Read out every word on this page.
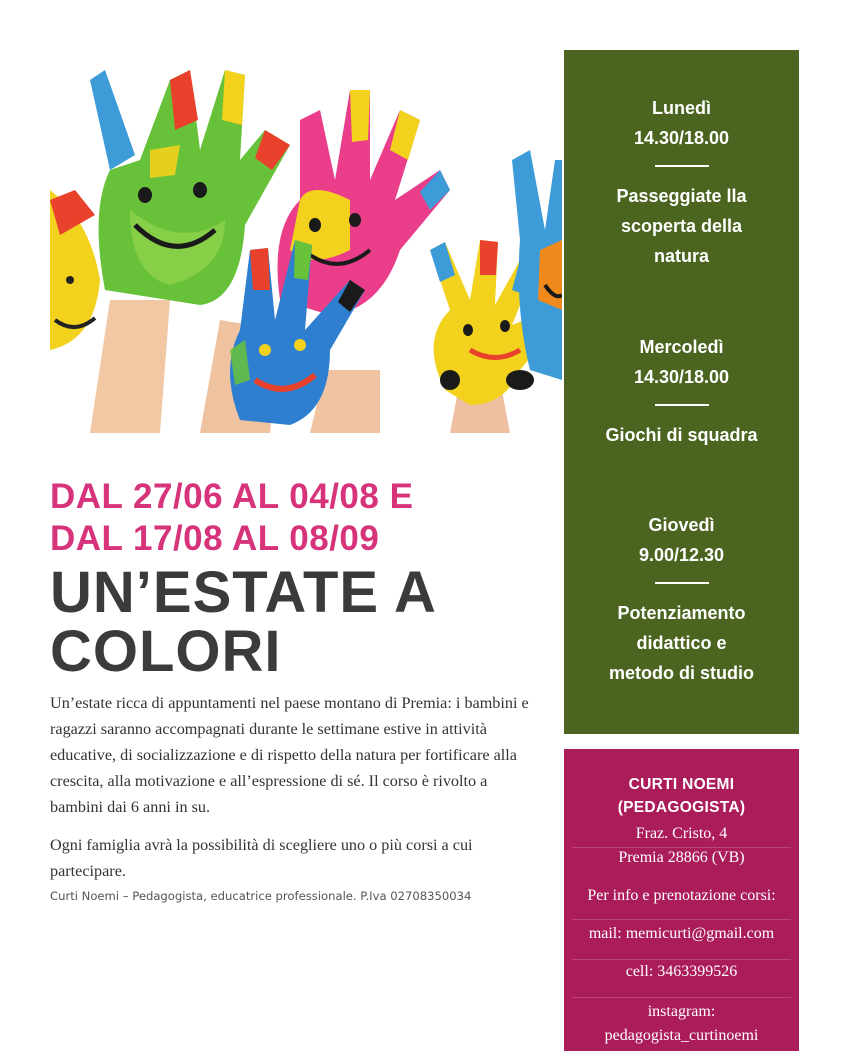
DAL 27/06 AL 04/08 E
DAL 17/08 AL 08/09
UN’ESTATE A
COLORI

Un’estate ricca di appuntamenti nel paese montano di Premia: i bambini e ragazzi saranno accompagnati durante le settimane estive in attività educative, di socializzazione e di rispetto della natura per fortificare alla crescita, alla motivazione e all’espressione di sé. Il corso è rivolto a bambini dai 6 anni in su.

Ogni famiglia avrà la possibilità di scegliere uno o più corsi a cui partecipare.

Curti Noemi – Pedagogista, educatrice professionale. P.Iva 02708350034
Lunedì
14.30/18.00
Passeggiate lla
scoperta della
natura
Mercoledì
14.30/18.00
Giochi di squadra
Giovedì
9.00/12.30
Potenziamento
didattico e
metodo di studio
CURTI NOEMI
(PEDAGOGISTA)
Fraz. Cristo, 4
Premia 28866 (VB)
Per info e prenotazione corsi:
mail: memicurti@gmail.com
cell: 3463399526
instagram:
pedagogista_curtinoemi
